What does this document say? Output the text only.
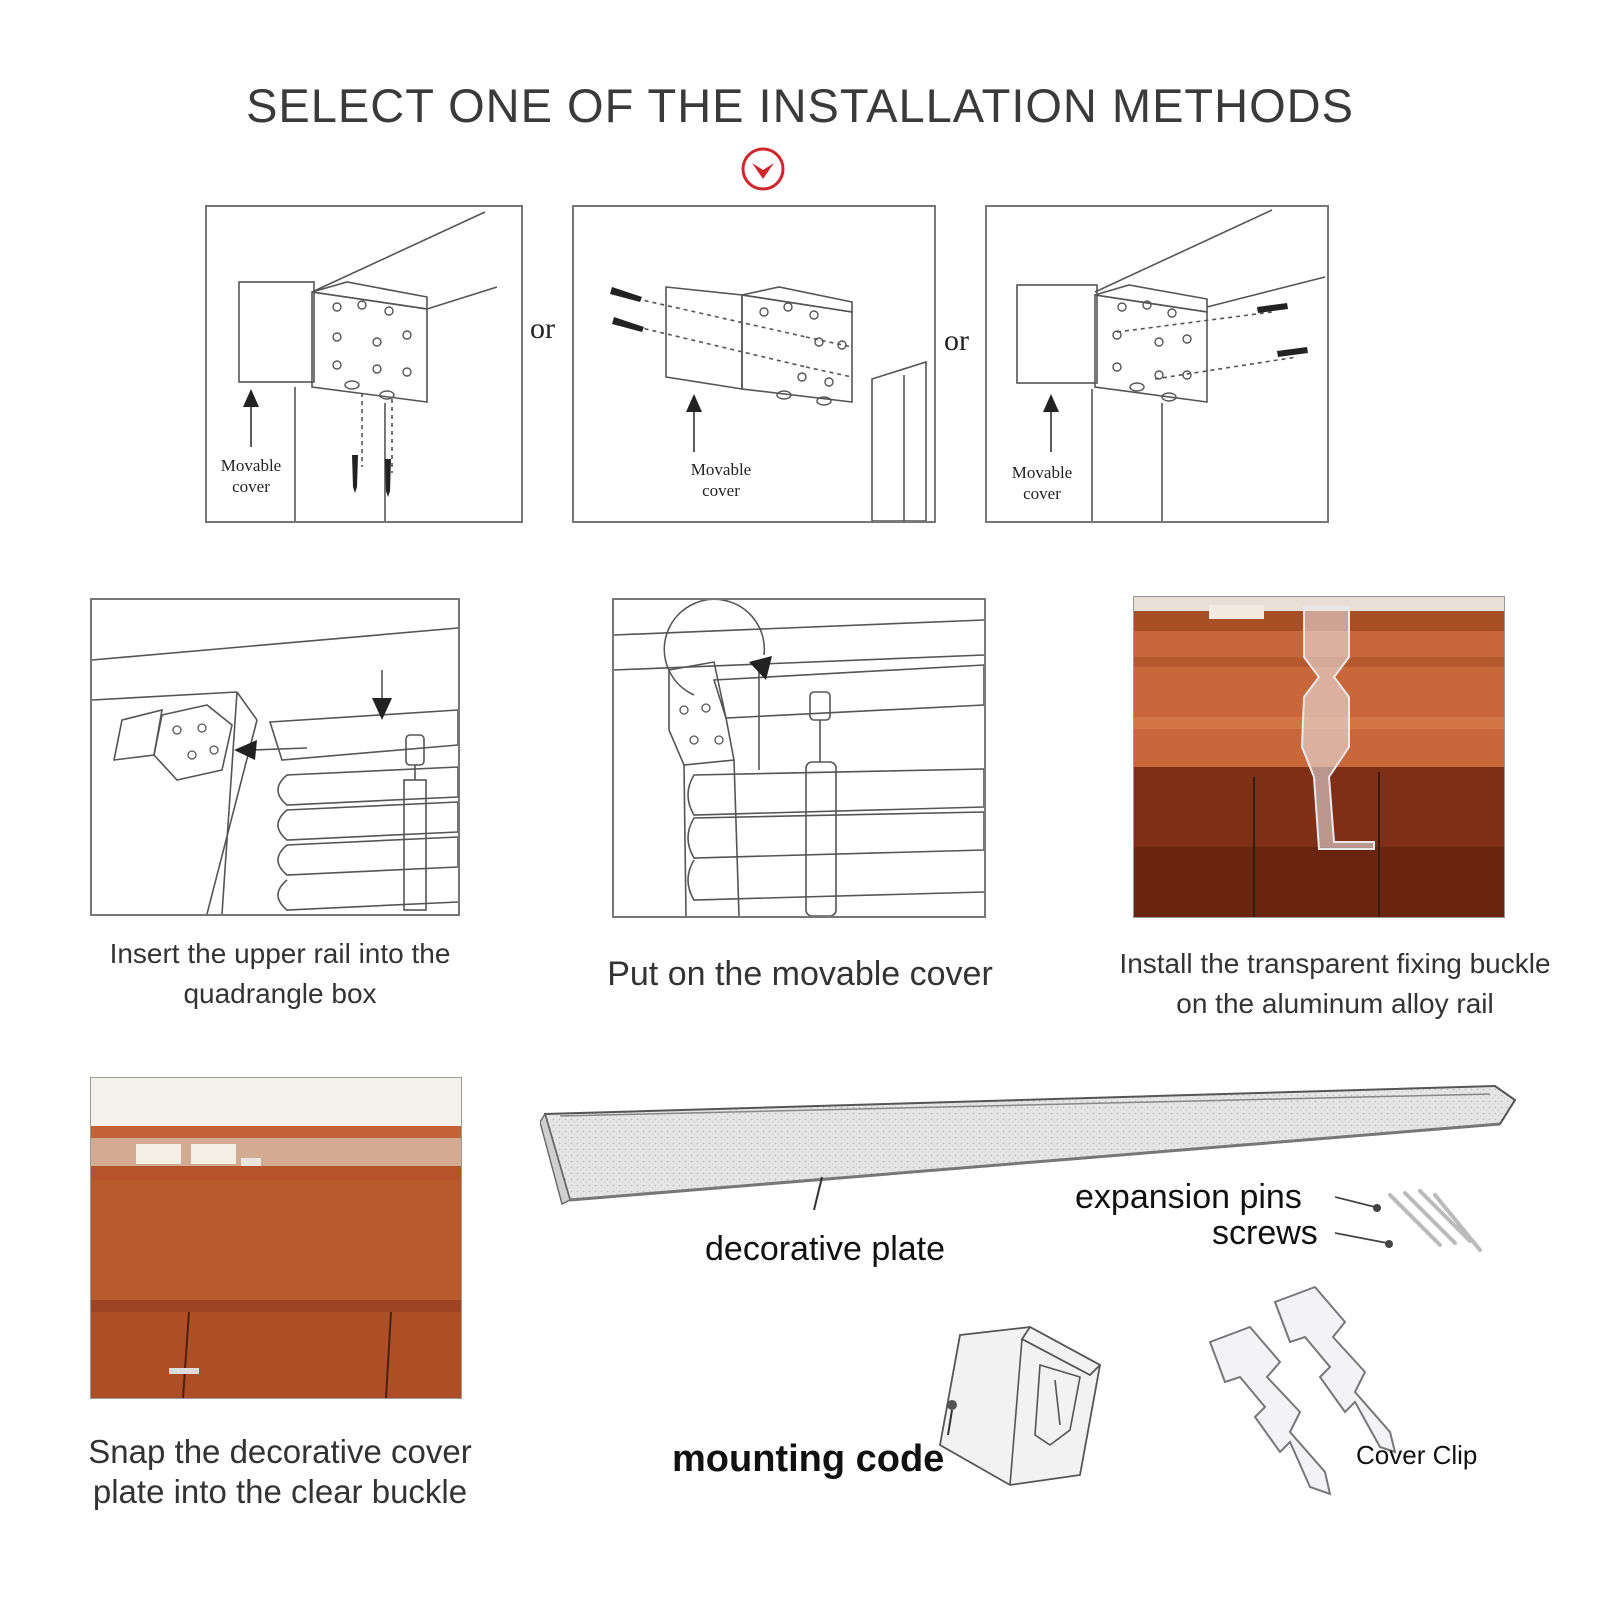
SELECT ONE OF THE INSTALLATION METHODS
Movable cover
or
Movable cover
or
Movable cover
Insert the upper rail into the quadrangle box
Put on the movable cover	Install the transparent fixing buckle on the aluminum alloy rail
Snap the decorative cover plate into the clear buckle
decorative plate
expansion pins
screws
mounting code	Cover Clip
